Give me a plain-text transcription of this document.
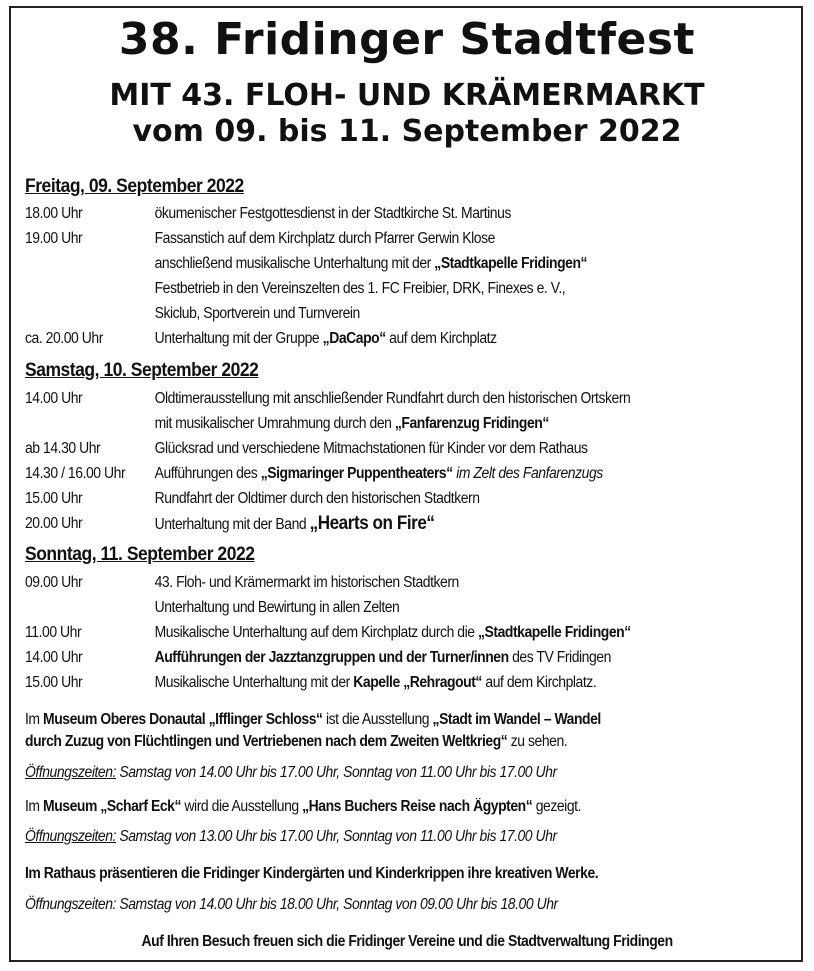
38. Fridinger Stadtfest
MIT 43. FLOH- UND KRÄMERMARKT
vom 09. bis 11. September 2022
Freitag, 09. September 2022
18.00 Uhr	ökumenischer Festgottesdienst in der Stadtkirche St. Martinus
19.00 Uhr	Fassanstich auf dem Kirchplatz durch Pfarrer Gerwin Klose
anschließend musikalische Unterhaltung mit der „Stadtkapelle Fridingen“
Festbetrieb in den Vereinszelten des 1. FC Freibier, DRK, Finexes e. V.,
Skiclub, Sportverein und Turnverein
ca. 20.00 Uhr	Unterhaltung mit der Gruppe „DaCapo“ auf dem Kirchplatz
Samstag, 10. September 2022
14.00 Uhr	Oldtimerausstellung mit anschließender Rundfahrt durch den historischen Ortskern
mit musikalischer Umrahmung durch den „Fanfarenzug Fridingen“
ab 14.30 Uhr	Glücksrad und verschiedene Mitmachstationen für Kinder vor dem Rathaus
14.30 / 16.00 Uhr Aufführungen des „Sigmaringer Puppentheaters“ im Zelt des Fanfarenzugs
15.00 Uhr	Rundfahrt der Oldtimer durch den historischen Stadtkern
20.00 Uhr	Unterhaltung mit der Band „Hearts on Fire“
Sonntag, 11. September 2022
09.00 Uhr	43. Floh- und Krämermarkt im historischen Stadtkern
Unterhaltung und Bewirtung in allen Zelten
11.00 Uhr	Musikalische Unterhaltung auf dem Kirchplatz durch die „Stadtkapelle Fridingen“
14.00 Uhr	Aufführungen der Jazztanzgruppen und der Turner/innen des TV Fridingen
15.00 Uhr	Musikalische Unterhaltung mit der Kapelle „Rehragout“ auf dem Kirchplatz.
Im Museum Oberes Donautal „Ifflinger Schloss“ ist die Ausstellung „Stadt im Wandel – Wandel
durch Zuzug von Flüchtlingen und Vertriebenen nach dem Zweiten Weltkrieg“ zu sehen.
Öffnungszeiten: Samstag von 14.00 Uhr bis 17.00 Uhr, Sonntag von 11.00 Uhr bis 17.00 Uhr
Im Museum „Scharf Eck“ wird die Ausstellung „Hans Buchers Reise nach Ägypten“ gezeigt.
Öffnungszeiten: Samstag von 13.00 Uhr bis 17.00 Uhr, Sonntag von 11.00 Uhr bis 17.00 Uhr
Im Rathaus präsentieren die Fridinger Kindergärten und Kinderkrippen ihre kreativen Werke.
Öffnungszeiten: Samstag von 14.00 Uhr bis 18.00 Uhr, Sonntag von 09.00 Uhr bis 18.00 Uhr
Auf Ihren Besuch freuen sich die Fridinger Vereine und die Stadtverwaltung Fridingen
